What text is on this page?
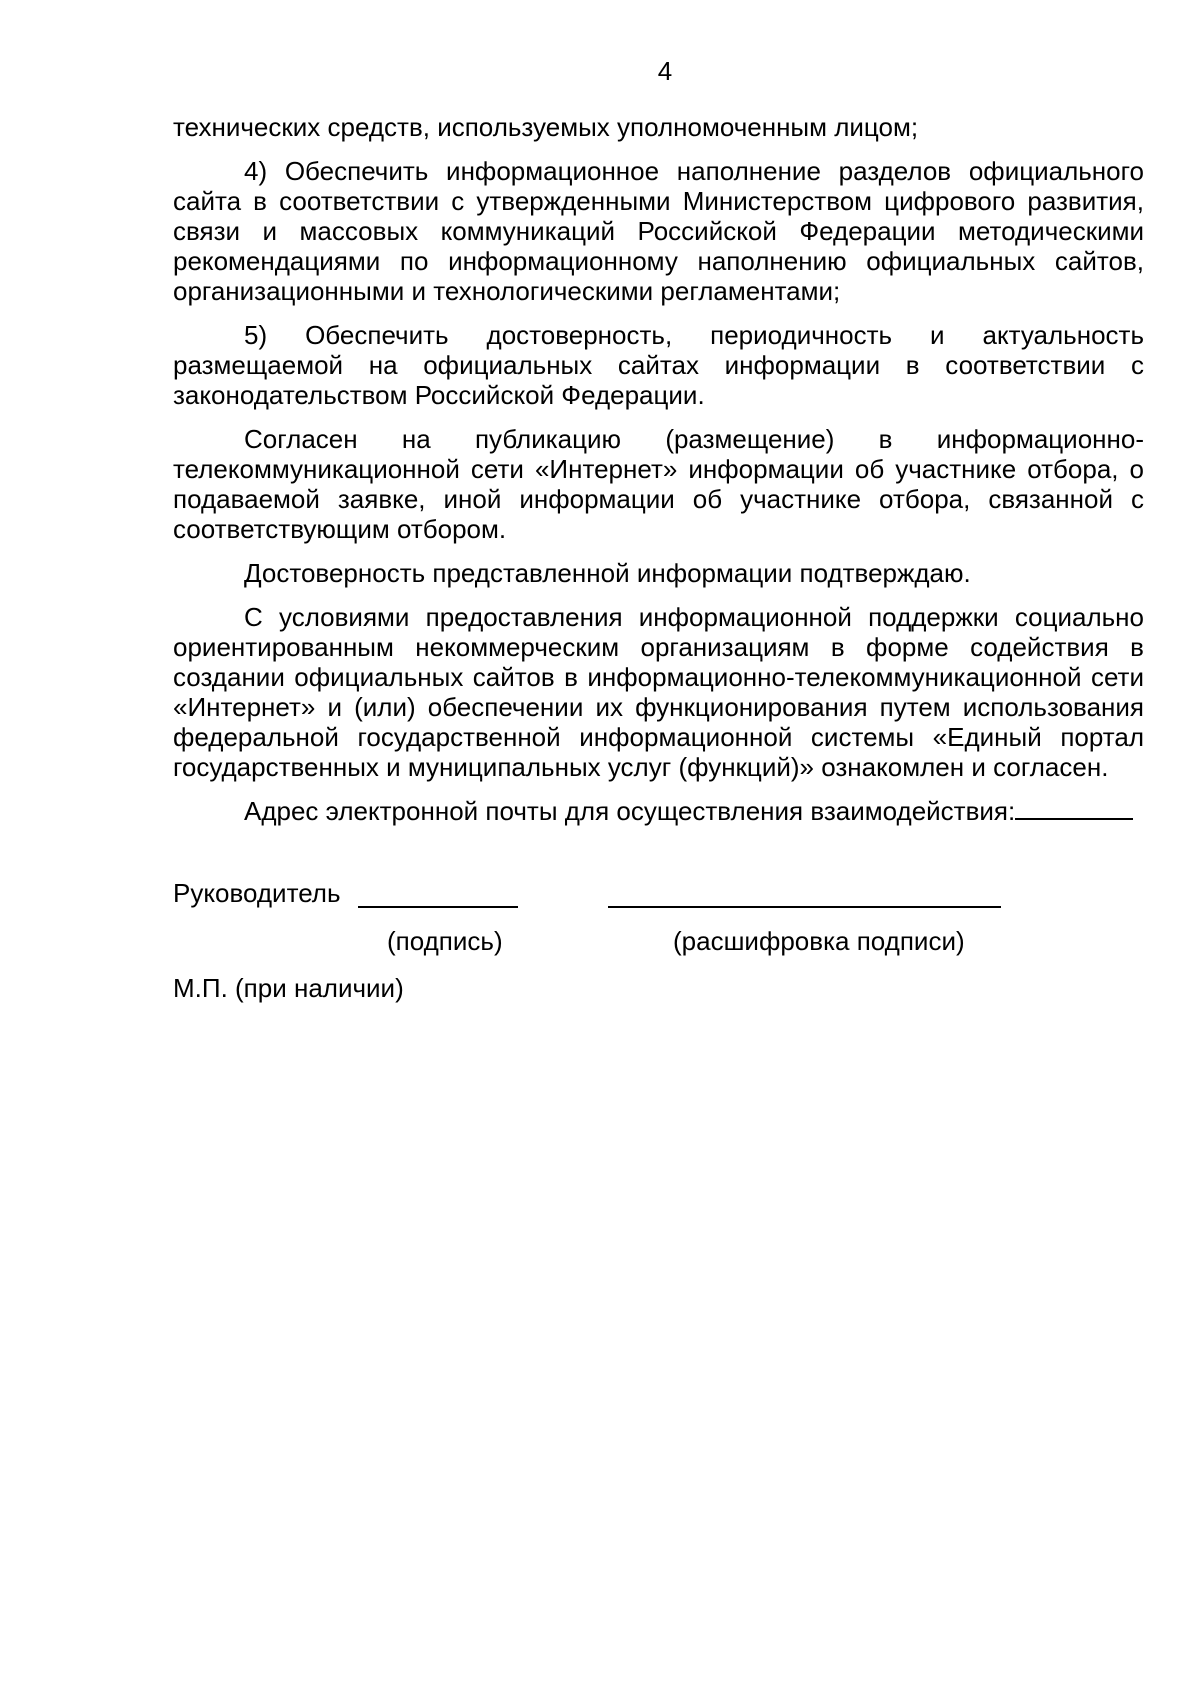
4

технических средств, используемых уполномоченным лицом;

4) Обеспечить информационное наполнение разделов официального сайта в соответствии с утвержденными Министерством цифрового развития, связи и массовых коммуникаций Российской Федерации методическими рекомендациями по информационному наполнению официальных сайтов, организационными и технологическими регламентами;

5) Обеспечить достоверность, периодичность и актуальность размещаемой на официальных сайтах информации в соответствии с законодательством Российской Федерации.

Согласен на публикацию (размещение) в информационно-телекоммуникационной сети «Интернет» информации об участнике отбора, о подаваемой заявке, иной информации об участнике отбора, связанной с соответствующим отбором.

Достоверность представленной информации подтверждаю.

С условиями предоставления информационной поддержки социально ориентированным некоммерческим организациям в форме содействия в создании официальных сайтов в информационно-телекоммуникационной сети «Интернет» и (или) обеспечении их функционирования путем использования федеральной государственной информационной системы «Единый портал государственных и муниципальных услуг (функций)» ознакомлен и согласен.

Адрес электронной почты для осуществления взаимодействия:

Руководитель
(подпись)	(расшифровка подписи)
М.П. (при наличии)
